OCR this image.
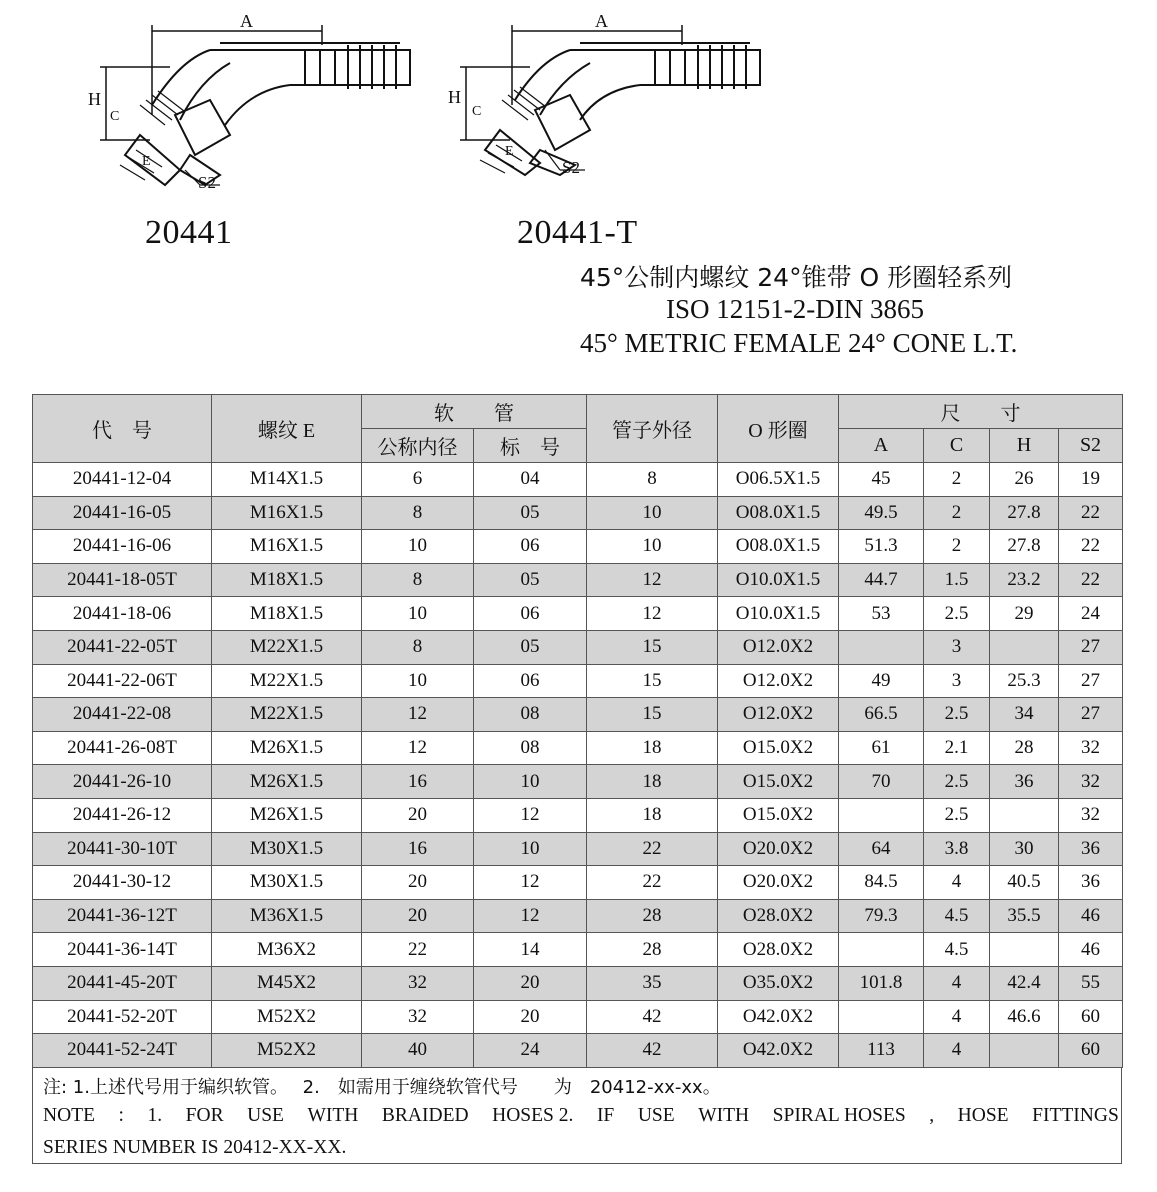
A
H
C
E
S2
20441
A
H
C
E
S2
20441-T
45°公制内螺纹 24°锥带 O 形圈轻系列
ISO 12151-2-DIN 3865
45° METRIC FEMALE 24° CONE L.T.
代　号	螺纹 E	软　　管		管子外径	O 形圈	尺　　寸			
		公称内径	标　号			A	C	H	S2
20441-12-04	M14X1.5	6	04	8	O06.5X1.5	45	2	26	19
20441-16-05	M16X1.5	8	05	10	O08.0X1.5	49.5	2	27.8	22
20441-16-06	M16X1.5	10	06	10	O08.0X1.5	51.3	2	27.8	22
20441-18-05T	M18X1.5	8	05	12	O10.0X1.5	44.7	1.5	23.2	22
20441-18-06	M18X1.5	10	06	12	O10.0X1.5	53	2.5	29	24
20441-22-05T	M22X1.5	8	05	15	O12.0X2		3		27
20441-22-06T	M22X1.5	10	06	15	O12.0X2	49	3	25.3	27
20441-22-08	M22X1.5	12	08	15	O12.0X2	66.5	2.5	34	27
20441-26-08T	M26X1.5	12	08	18	O15.0X2	61	2.1	28	32
20441-26-10	M26X1.5	16	10	18	O15.0X2	70	2.5	36	32
20441-26-12	M26X1.5	20	12	18	O15.0X2		2.5		32
20441-30-10T	M30X1.5	16	10	22	O20.0X2	64	3.8	30	36
20441-30-12	M30X1.5	20	12	22	O20.0X2	84.5	4	40.5	36
20441-36-12T	M36X1.5	20	12	28	O28.0X2	79.3	4.5	35.5	46
20441-36-14T	M36X2	22	14	28	O28.0X2		4.5		46
20441-45-20T	M45X2	32	20	35	O35.0X2	101.8	4	42.4	55
20441-52-20T	M52X2	32	20	42	O42.0X2		4	46.6	60
20441-52-24T	M52X2	40	24	42	O42.0X2	113	4		60
注: 1.上述代号用于编织软管。　 2.　如需用于缠绕软管代号　　为　20412-xx-xx。
NOTE : 1. FOR USE WITH BRAIDED HOSES 2. IF USE WITH SPIRAL HOSES , HOSE FITTINGS
SERIES NUMBER IS 20412-XX-XX.
